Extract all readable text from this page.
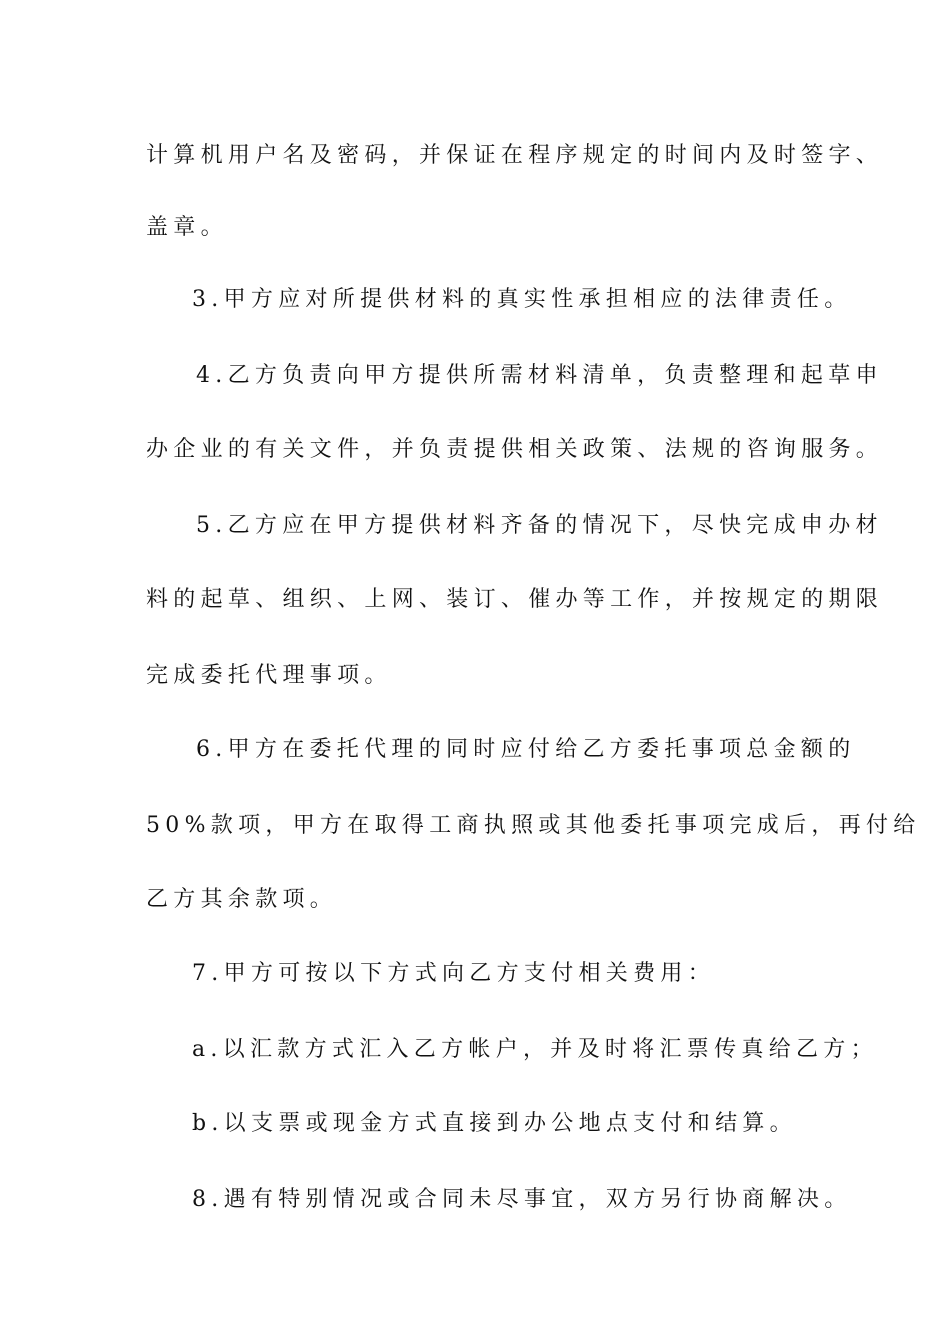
计算机用户名及密码，并保证在程序规定的时间内及时签字、
盖章。
3.甲方应对所提供材料的真实性承担相应的法律责任。
4.乙方负责向甲方提供所需材料清单，负责整理和起草申
办企业的有关文件，并负责提供相关政策、法规的咨询服务。
5.乙方应在甲方提供材料齐备的情况下，尽快完成申办材
料的起草、组织、上网、装订、催办等工作，并按规定的期限
完成委托代理事项。
6.甲方在委托代理的同时应付给乙方委托事项总金额的
50%款项，甲方在取得工商执照或其他委托事项完成后，再付给
乙方其余款项。
7.甲方可按以下方式向乙方支付相关费用：
a.以汇款方式汇入乙方帐户，并及时将汇票传真给乙方；
b.以支票或现金方式直接到办公地点支付和结算。
8.遇有特别情况或合同未尽事宜，双方另行协商解决。
